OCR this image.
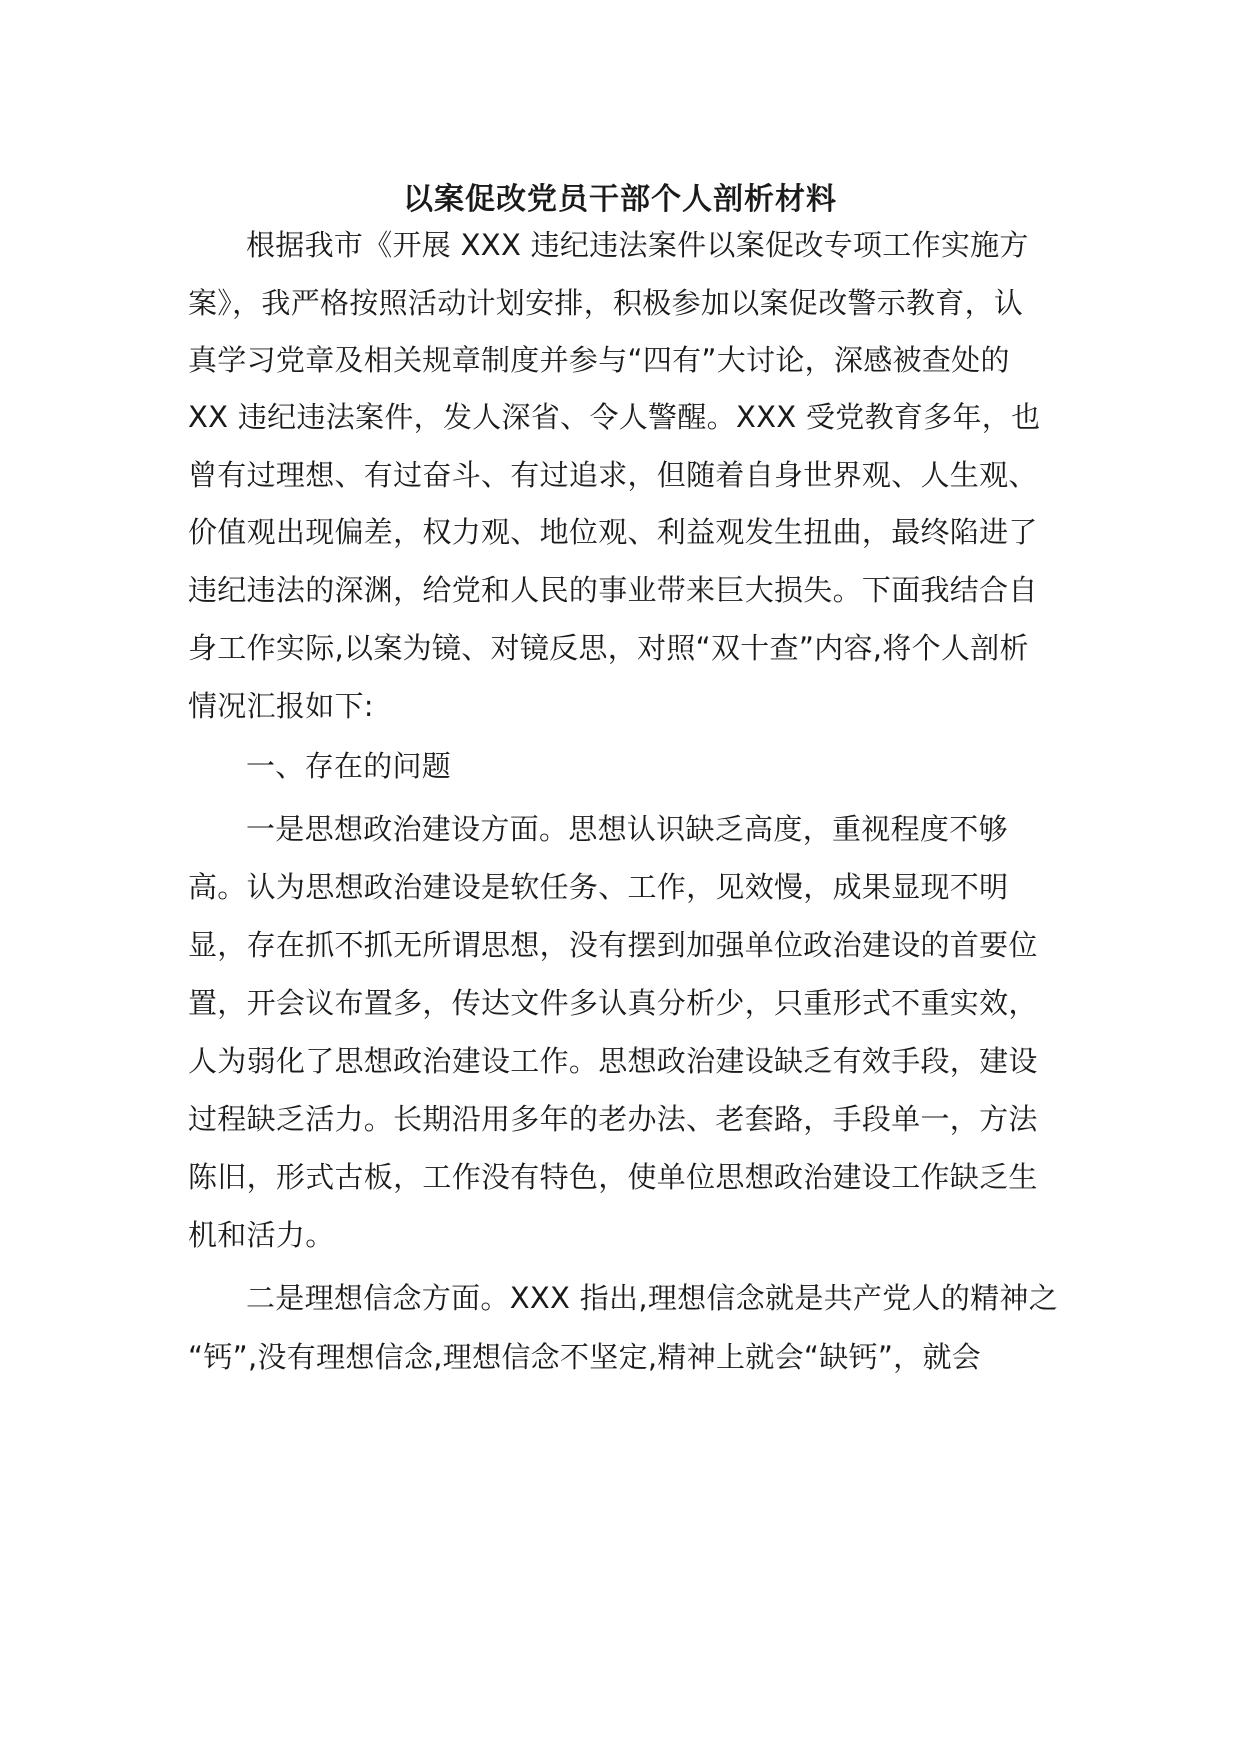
以案促改党员干部个人剖析材料
根据我市《开展 XXX 违纪违法案件以案促改专项工作实施方
案》，我严格按照活动计划安排，积极参加以案促改警示教育，认
真学习党章及相关规章制度并参与“四有”大讨论，深感被查处的
XX 违纪违法案件，发人深省、令人警醒。XXX 受党教育多年，也
曾有过理想、有过奋斗、有过追求，但随着自身世界观、人生观、
价值观出现偏差，权力观、地位观、利益观发生扭曲，最终陷进了
违纪违法的深渊，给党和人民的事业带来巨大损失。下面我结合自
身工作实际,以案为镜、对镜反思，对照“双十查”内容,将个人剖析
情况汇报如下:
一、存在的问题
一是思想政治建设方面。思想认识缺乏高度，重视程度不够
高。认为思想政治建设是软任务、工作，见效慢，成果显现不明
显，存在抓不抓无所谓思想，没有摆到加强单位政治建设的首要位
置，开会议布置多，传达文件多认真分析少，只重形式不重实效，
人为弱化了思想政治建设工作。思想政治建设缺乏有效手段，建设
过程缺乏活力。长期沿用多年的老办法、老套路，手段单一，方法
陈旧，形式古板，工作没有特色，使单位思想政治建设工作缺乏生
机和活力。
二是理想信念方面。XXX 指出,理想信念就是共产党人的精神之
“钙”,没有理想信念,理想信念不坚定,精神上就会“缺钙”，就会
